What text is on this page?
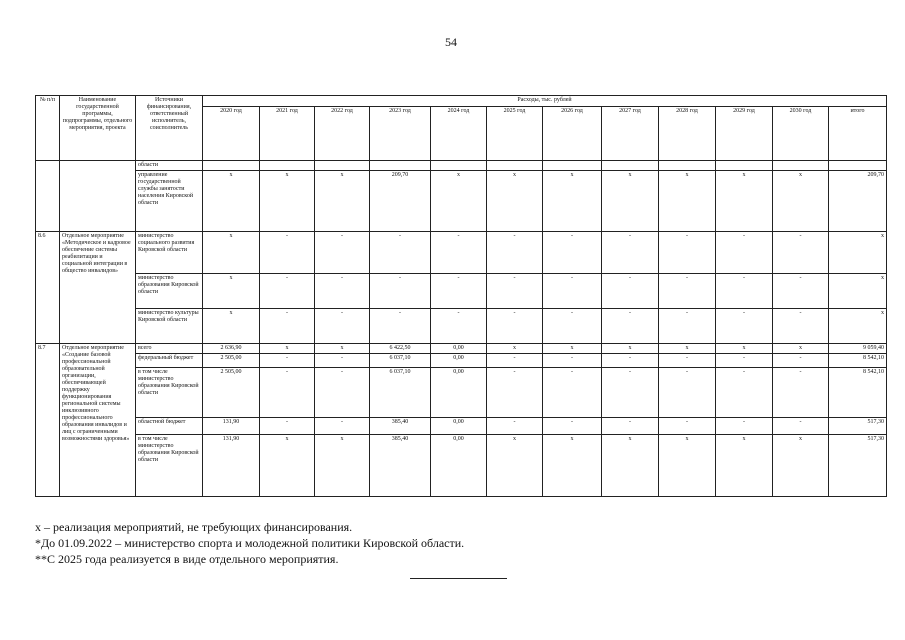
54
№ п/п	Наименование государственной программы, подпрограммы, отдельного мероприятия, проекта	Источники финансирования, ответственный исполнитель, соисполнитель	Расходы, тыс. рублей											
			2020 год	2021 год	2022 год	2023 год	2024 год	2025 год	2026 год	2027 год	2028 год	2029 год	2030 год	итого
		области												
		управление государственной службы занятости населения Кировской области	x	x	x	209,70	x	x	x	x	x	x	x	209,70
8.6	Отдельное мероприятие «Методическое и кадровое обеспечение системы реабилитации и социальной интеграции в общество инвалидов»	министерство социального развития Кировской области	x	-	-	-	-	-	-	-	-	-	-	x
		министерство образования Кировской области	x	-	-	-	-	-	-	-	-	-	-	x
		министерство культуры Кировской области	x	-	-	-	-	-	-	-	-	-	-	x
8.7	Отдельное мероприятие «Создание базовой профессиональной образовательной организации, обеспечивающей поддержку функционирования региональной системы инклюзивного профессионального образования инвалидов и лиц с ограниченными возможностями здоровья»	всего	2 636,90	x	x	6 422,50	0,00	x	x	x	x	x	x	9 059,40
		федеральный бюджет	2 505,00	-	-	6 037,10	0,00	-	-	-	-	-	-	8 542,10
		в том числе министерство образования Кировской области	2 505,00	-	-	6 037,10	0,00	-	-	-	-	-	-	8 542,10
		областной бюджет	131,90	-	-	385,40	0,00	-	-	-	-	-	-	517,30
		в том числе министерство образования Кировской области	131,90	x	x	385,40	0,00	x	x	x	x	x	x	517,30
x – реализация мероприятий, не требующих финансирования.
*До 01.09.2022 – министерство спорта и молодежной политики Кировской области.
**С 2025 года реализуется в виде отдельного мероприятия.
